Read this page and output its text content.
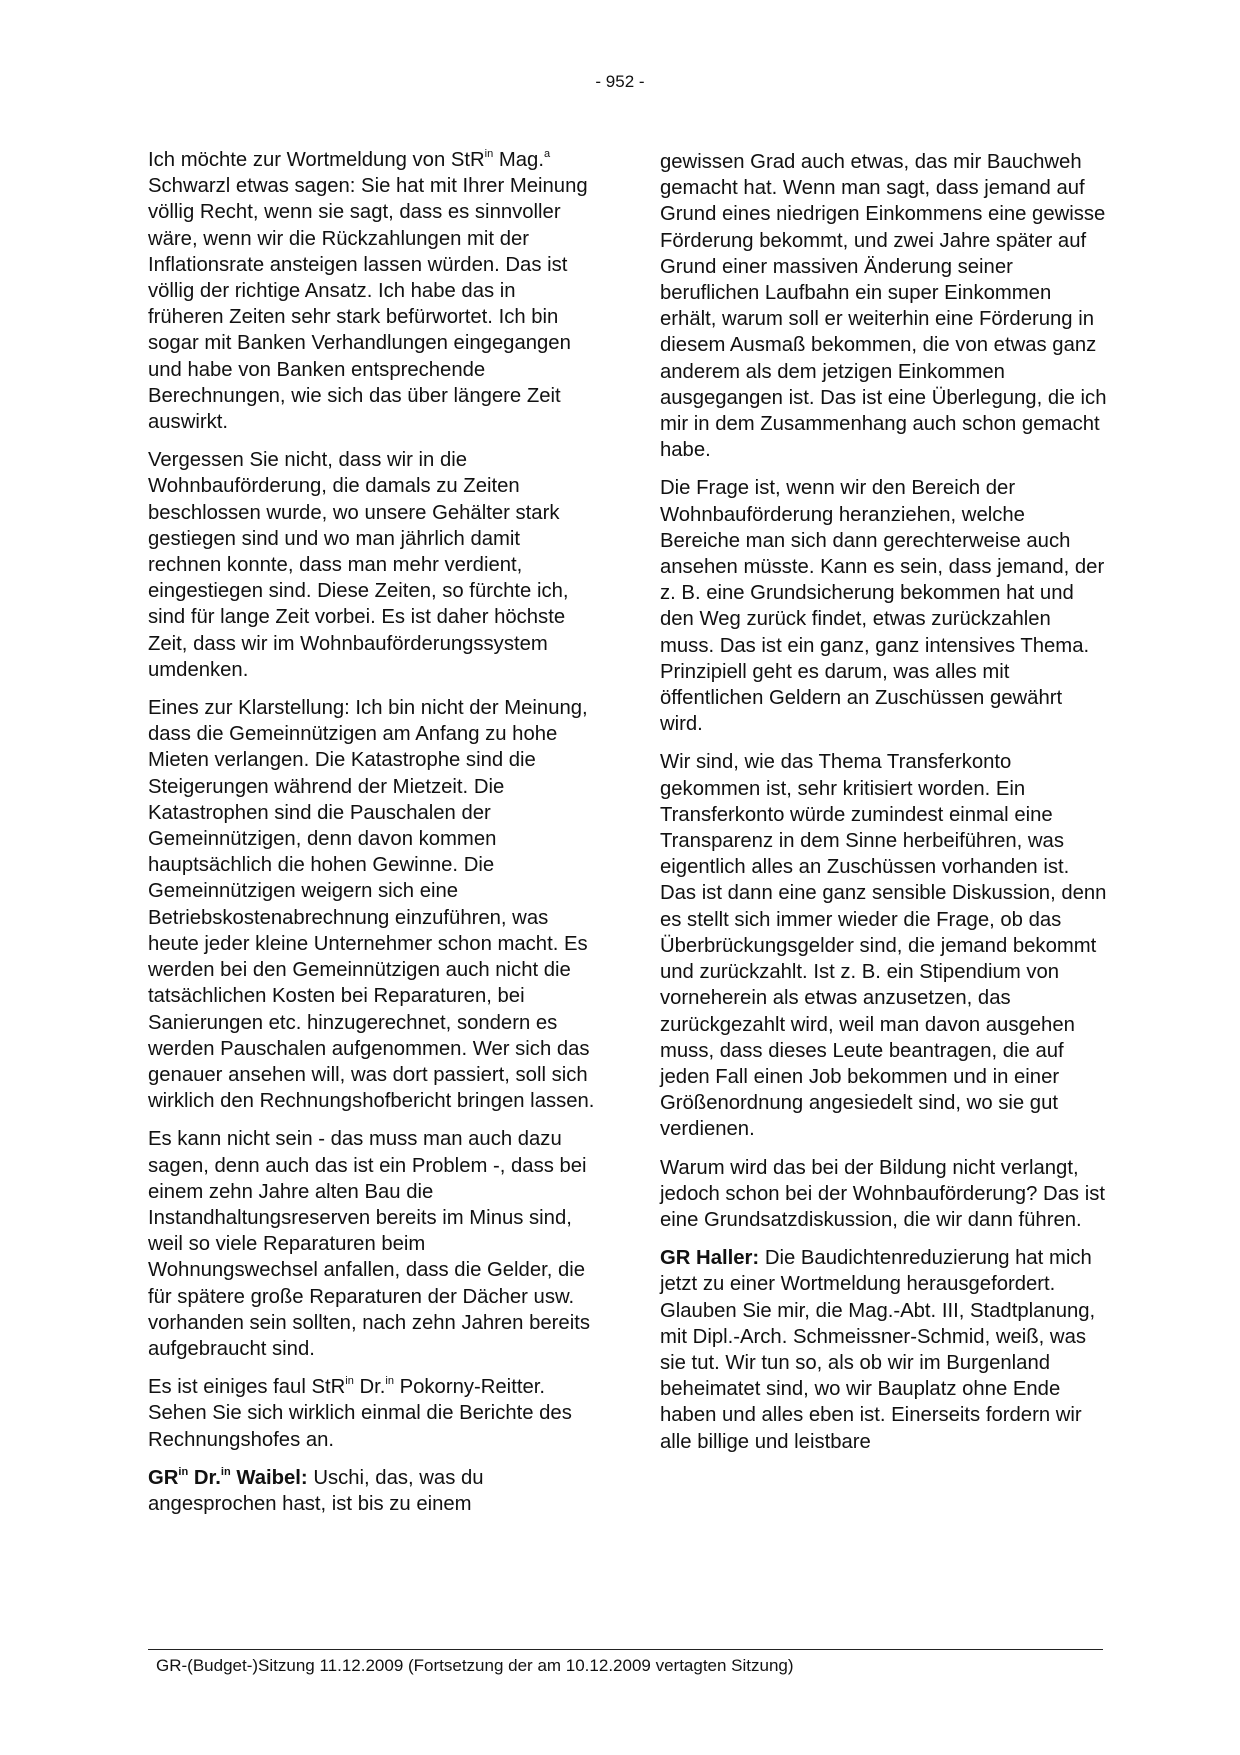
- 952 -

Ich möchte zur Wortmeldung von StR$^{in}$ Mag.$^a$ Schwarzl etwas sagen: Sie hat mit Ihrer Meinung völlig Recht, wenn sie sagt, dass es sinnvoller wäre, wenn wir die Rückzahlungen mit der Inflationsrate ansteigen lassen würden. Das ist völlig der richtige Ansatz. Ich habe das in früheren Zeiten sehr stark befürwortet. Ich bin sogar mit Banken Verhandlungen eingegangen und habe von Banken entsprechende Berechnungen, wie sich das über längere Zeit auswirkt.

Vergessen Sie nicht, dass wir in die Wohnbauförderung, die damals zu Zeiten beschlossen wurde, wo unsere Gehälter stark gestiegen sind und wo man jährlich damit rechnen konnte, dass man mehr verdient, eingestiegen sind. Diese Zeiten, so fürchte ich, sind für lange Zeit vorbei. Es ist daher höchste Zeit, dass wir im Wohnbauförderungssystem umdenken.

Eines zur Klarstellung: Ich bin nicht der Meinung, dass die Gemeinnützigen am Anfang zu hohe Mieten verlangen. Die Katastrophe sind die Steigerungen während der Mietzeit. Die Katastrophen sind die Pauschalen der Gemeinnützigen, denn davon kommen hauptsächlich die hohen Gewinne. Die Gemeinnützigen weigern sich eine Betriebskostenabrechnung einzuführen, was heute jeder kleine Unternehmer schon macht. Es werden bei den Gemeinnützigen auch nicht die tatsächlichen Kosten bei Reparaturen, bei Sanierungen etc. hinzugerechnet, sondern es werden Pauschalen aufgenommen. Wer sich das genauer ansehen will, was dort passiert, soll sich wirklich den Rechnungshofbericht bringen lassen.

Es kann nicht sein - das muss man auch dazu sagen, denn auch das ist ein Problem -, dass bei einem zehn Jahre alten Bau die Instandhaltungsreserven bereits im Minus sind, weil so viele Reparaturen beim Wohnungswechsel anfallen, dass die Gelder, die für spätere große Reparaturen der Dächer usw. vorhanden sein sollten, nach zehn Jahren bereits aufgebraucht sind.

Es ist einiges faul StR$^{in}$ Dr.$^{in}$ Pokorny-Reitter. Sehen Sie sich wirklich einmal die Berichte des Rechnungshofes an.

$GR^{in}$ Dr.$^{in}$ Waibel: Uschi, das, was du angesprochen hast, ist bis zu einem

gewissen Grad auch etwas, das mir Bauchweh gemacht hat. Wenn man sagt, dass jemand auf Grund eines niedrigen Einkommens eine gewisse Förderung bekommt, und zwei Jahre später auf Grund einer massiven Änderung seiner beruflichen Laufbahn ein super Einkommen erhält, warum soll er weiterhin eine Förderung in diesem Ausmaß bekommen, die von etwas ganz anderem als dem jetzigen Einkommen ausgegangen ist. Das ist eine Überlegung, die ich mir in dem Zusammenhang auch schon gemacht habe.

Die Frage ist, wenn wir den Bereich der Wohnbauförderung heranziehen, welche Bereiche man sich dann gerechterweise auch ansehen müsste. Kann es sein, dass jemand, der z. B. eine Grundsicherung bekommen hat und den Weg zurück findet, etwas zurückzahlen muss. Das ist ein ganz, ganz intensives Thema. Prinzipiell geht es darum, was alles mit öffentlichen Geldern an Zuschüssen gewährt wird.

Wir sind, wie das Thema Transferkonto gekommen ist, sehr kritisiert worden. Ein Transferkonto würde zumindest einmal eine Transparenz in dem Sinne herbeiführen, was eigentlich alles an Zuschüssen vorhanden ist. Das ist dann eine ganz sensible Diskussion, denn es stellt sich immer wieder die Frage, ob das Überbrückungsgelder sind, die jemand bekommt und zurückzahlt. Ist z. B. ein Stipendium von vorneherein als etwas anzusetzen, das zurückgezahlt wird, weil man davon ausgehen muss, dass dieses Leute beantragen, die auf jeden Fall einen Job bekommen und in einer Größenordnung angesiedelt sind, wo sie gut verdienen.

Warum wird das bei der Bildung nicht verlangt, jedoch schon bei der Wohnbauförderung? Das ist eine Grundsatzdiskussion, die wir dann führen.

GR Haller: Die Baudichtenreduzierung hat mich jetzt zu einer Wortmeldung herausgefordert. Glauben Sie mir, die Mag.-Abt. III, Stadtplanung, mit Dipl.-Arch. Schmeissner-Schmid, weiß, was sie tut. Wir tun so, als ob wir im Burgenland beheimatet sind, wo wir Bauplatz ohne Ende haben und alles eben ist. Einerseits fordern wir alle billige und leistbare

GR-(Budget-)Sitzung 11.12.2009 (Fortsetzung der am 10.12.2009 vertagten Sitzung)
